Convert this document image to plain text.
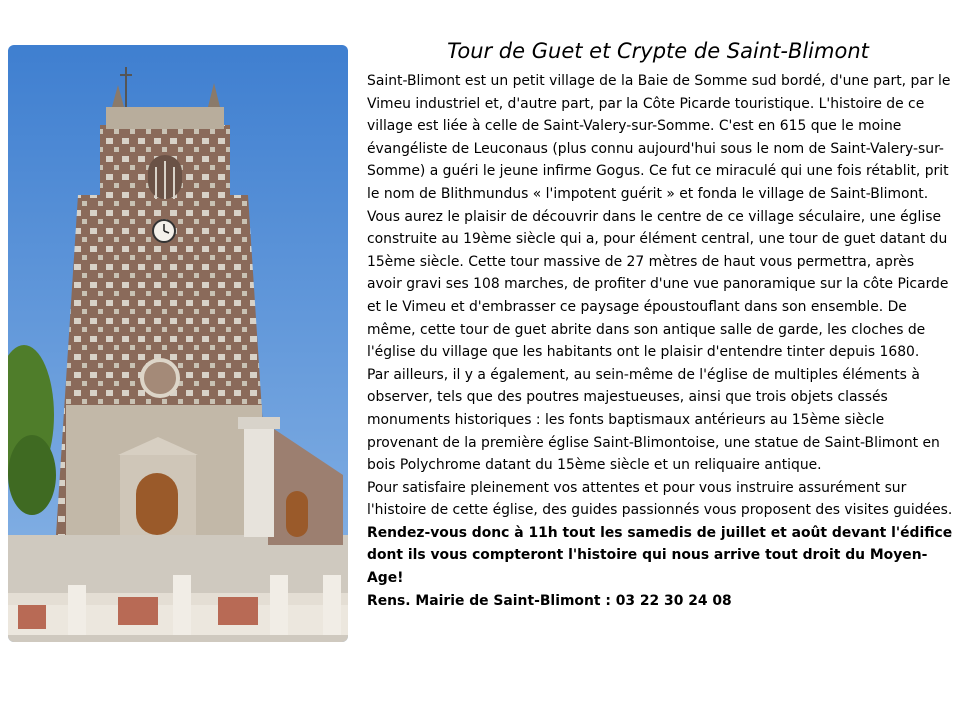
Tour de Guet et Crypte de Saint-Blimont

Saint-Blimont est un petit village de la Baie de Somme sud bordé, d'une part, par le Vimeu industriel et, d'autre part, par la Côte Picarde touristique. L'histoire de ce village est liée à celle de Saint-Valery-sur-Somme. C'est en 615 que le moine évangéliste de Leuconaus (plus connu aujourd'hui sous le nom de Saint-Valery-sur-Somme) a guéri le jeune infirme Gogus. Ce fut ce miraculé qui une fois rétablit, prit le nom de Blithmundus « l'impotent guérit » et fonda le village de Saint-Blimont.

Vous aurez le plaisir de découvrir dans le centre de ce village séculaire, une église construite au 19ème siècle qui a, pour élément central, une tour de guet datant du 15ème siècle. Cette tour massive de 27 mètres de haut vous permettra, après avoir gravi ses 108 marches, de profiter d'une vue panoramique sur la côte Picarde et le Vimeu et d'embrasser ce paysage époustouflant dans son ensemble. De même, cette tour de guet abrite dans son antique salle de garde, les cloches de l'église du village que les habitants ont le plaisir d'entendre tinter depuis 1680.

Par ailleurs, il y a également, au sein-même de l'église de multiples éléments à observer, tels que des poutres majestueuses, ainsi que trois objets classés monuments historiques : les fonts baptismaux antérieurs au 15ème siècle provenant de la première église Saint-Blimontoise, une statue de Saint-Blimont en bois Polychrome datant du 15ème siècle et un reliquaire antique.

Pour satisfaire pleinement vos attentes et pour vous instruire assurément sur l'histoire de cette église, des guides passionnés vous proposent des visites guidées.

Rendez-vous donc à 11h tout les samedis de juillet et août devant l'édifice dont ils vous compteront l'histoire qui nous arrive tout droit du Moyen-Age!

Rens. Mairie de Saint-Blimont : 03 22 30 24 08
